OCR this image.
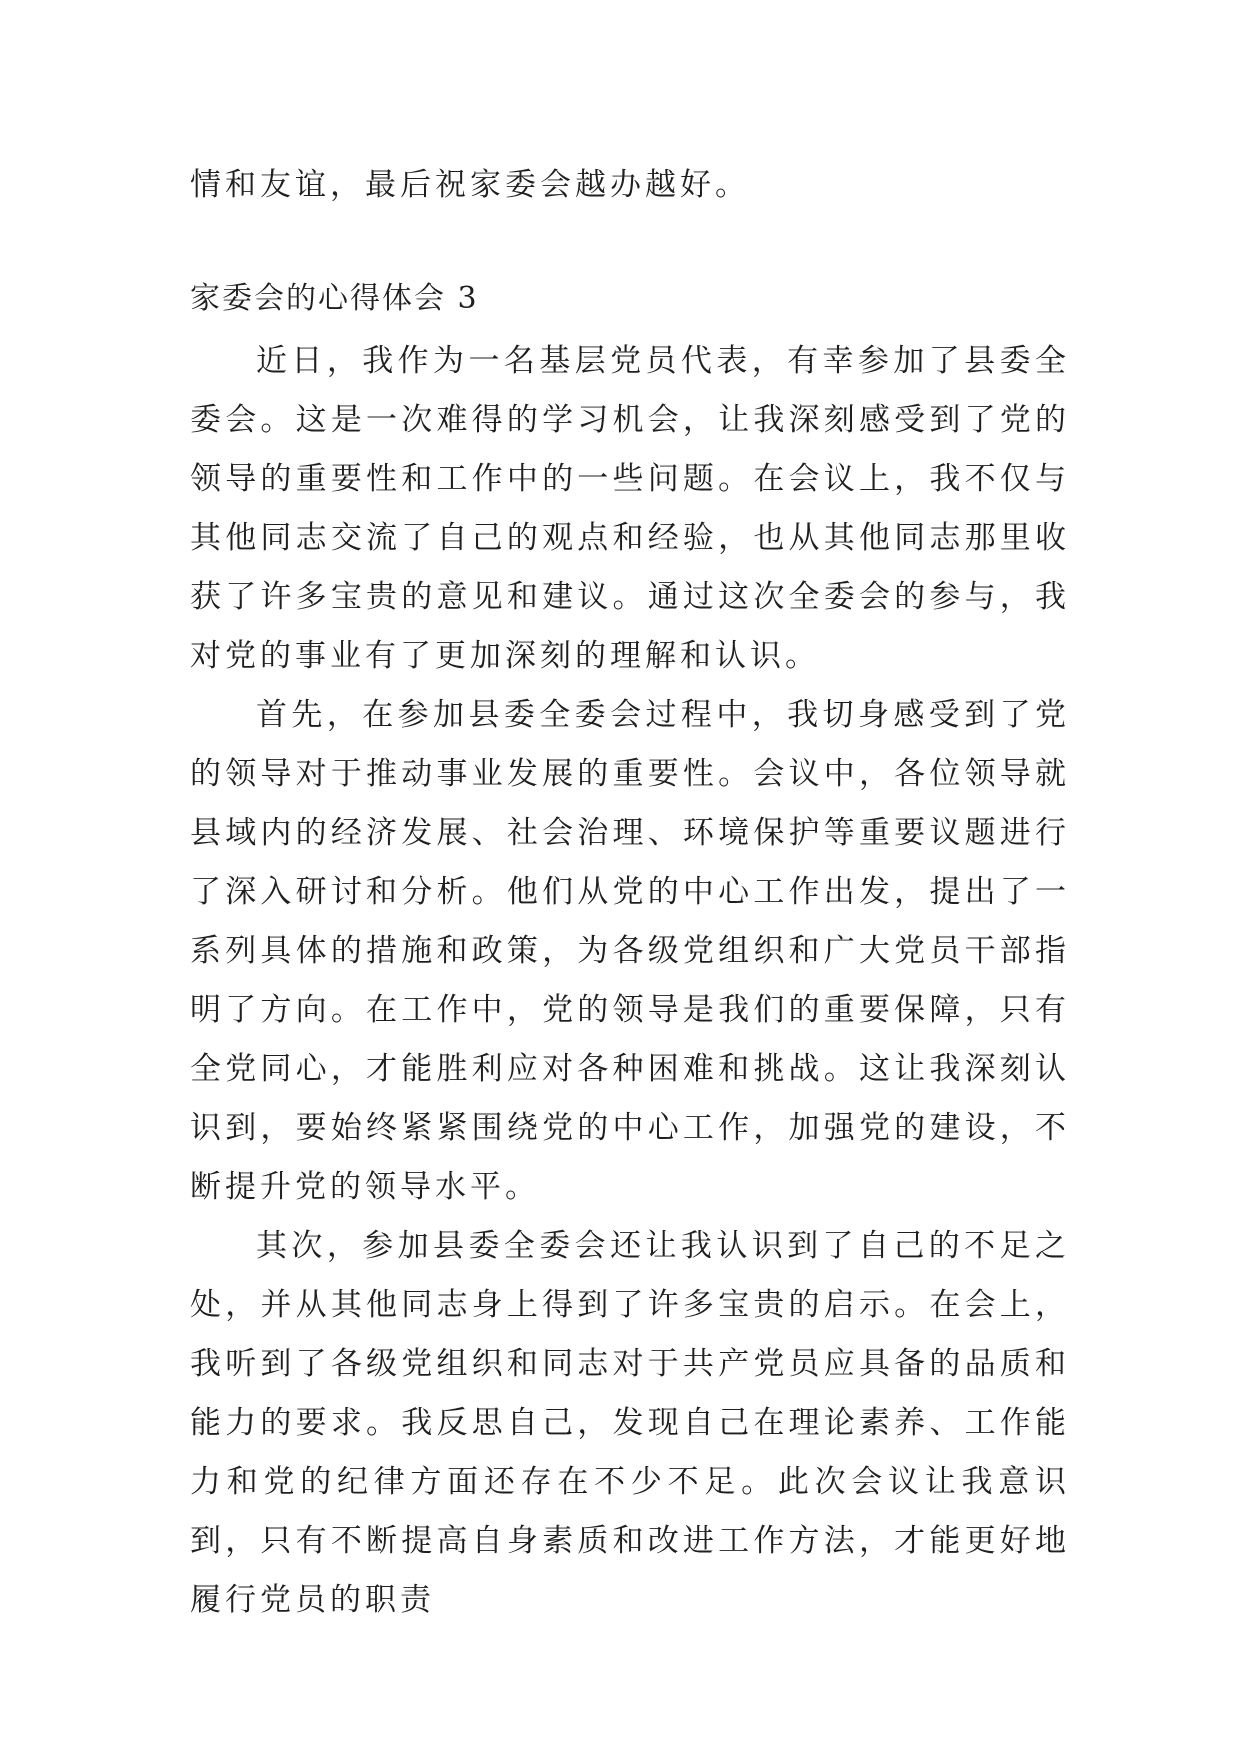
情和友谊，最后祝家委会越办越好。
家委会的心得体会 3

近日，我作为一名基层党员代表，有幸参加了县委全委会。这是一次难得的学习机会，让我深刻感受到了党的领导的重要性和工作中的一些问题。在会议上，我不仅与其他同志交流了自己的观点和经验，也从其他同志那里收获了许多宝贵的意见和建议。通过这次全委会的参与，我对党的事业有了更加深刻的理解和认识。

首先，在参加县委全委会过程中，我切身感受到了党的领导对于推动事业发展的重要性。会议中，各位领导就县域内的经济发展、社会治理、环境保护等重要议题进行了深入研讨和分析。他们从党的中心工作出发，提出了一系列具体的措施和政策，为各级党组织和广大党员干部指明了方向。在工作中，党的领导是我们的重要保障，只有全党同心，才能胜利应对各种困难和挑战。这让我深刻认识到，要始终紧紧围绕党的中心工作，加强党的建设，不断提升党的领导水平。

其次，参加县委全委会还让我认识到了自己的不足之处，并从其他同志身上得到了许多宝贵的启示。在会上，我听到了各级党组织和同志对于共产党员应具备的品质和能力的要求。我反思自己，发现自己在理论素养、工作能力和党的纪律方面还存在不少不足。此次会议让我意识到，只有不断提高自身素质和改进工作方法，才能更好地履行党员的职责
